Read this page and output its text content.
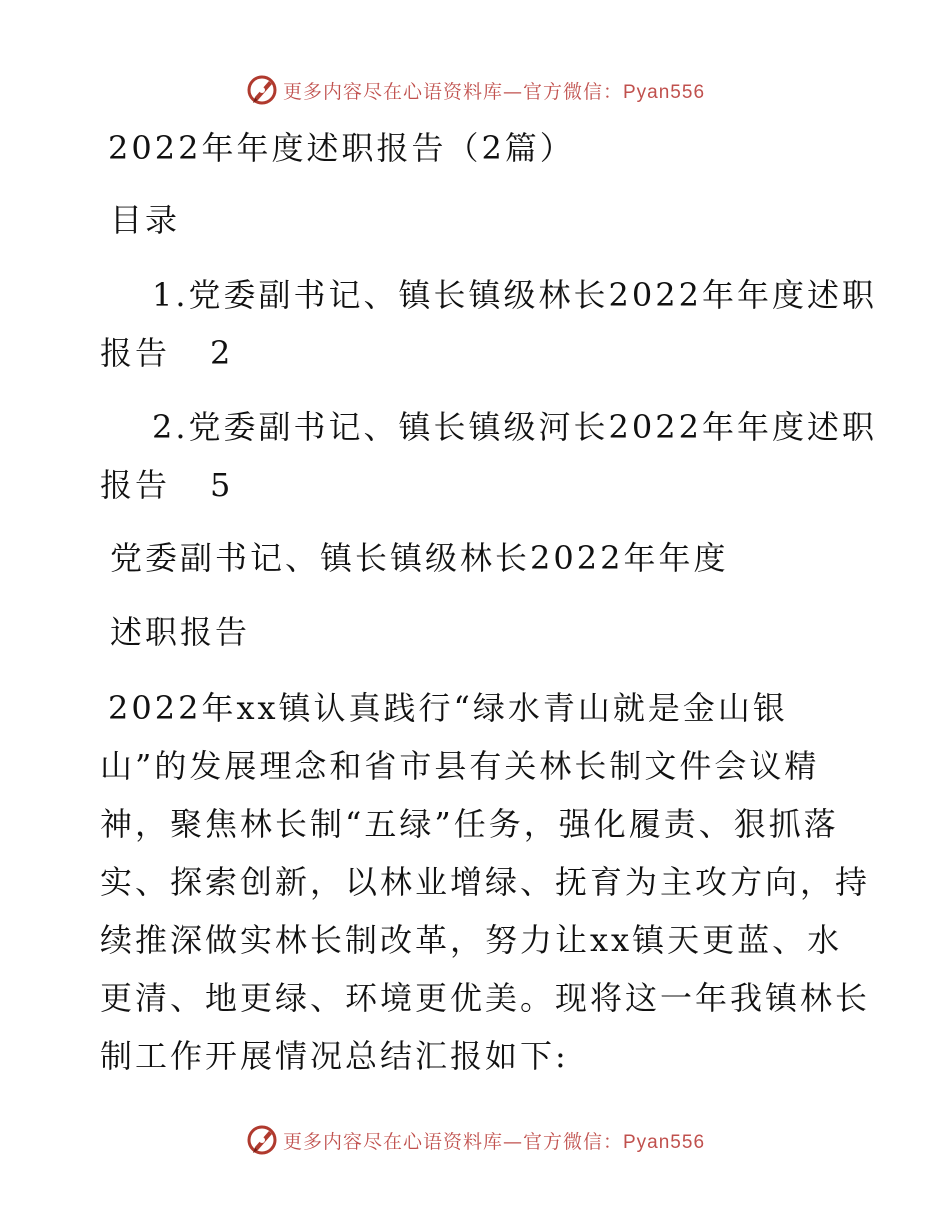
更多内容尽在心语资料库—官方微信：Pyan556
2022年年度述职报告（2篇）
目录
1.党委副书记、镇长镇级林长2022年年度述职
报告 2
2.党委副书记、镇长镇级河长2022年年度述职
报告 5
党委副书记、镇长镇级林长2022年年度
述职报告
2022年xx镇认真践行“绿水青山就是金山银
山”的发展理念和省市县有关林长制文件会议精
神，聚焦林长制“五绿”任务，强化履责、狠抓落
实、探索创新，以林业增绿、抚育为主攻方向，持
续推深做实林长制改革，努力让xx镇天更蓝、水
更清、地更绿、环境更优美。现将这一年我镇林长
制工作开展情况总结汇报如下:
更多内容尽在心语资料库—官方微信：Pyan556
